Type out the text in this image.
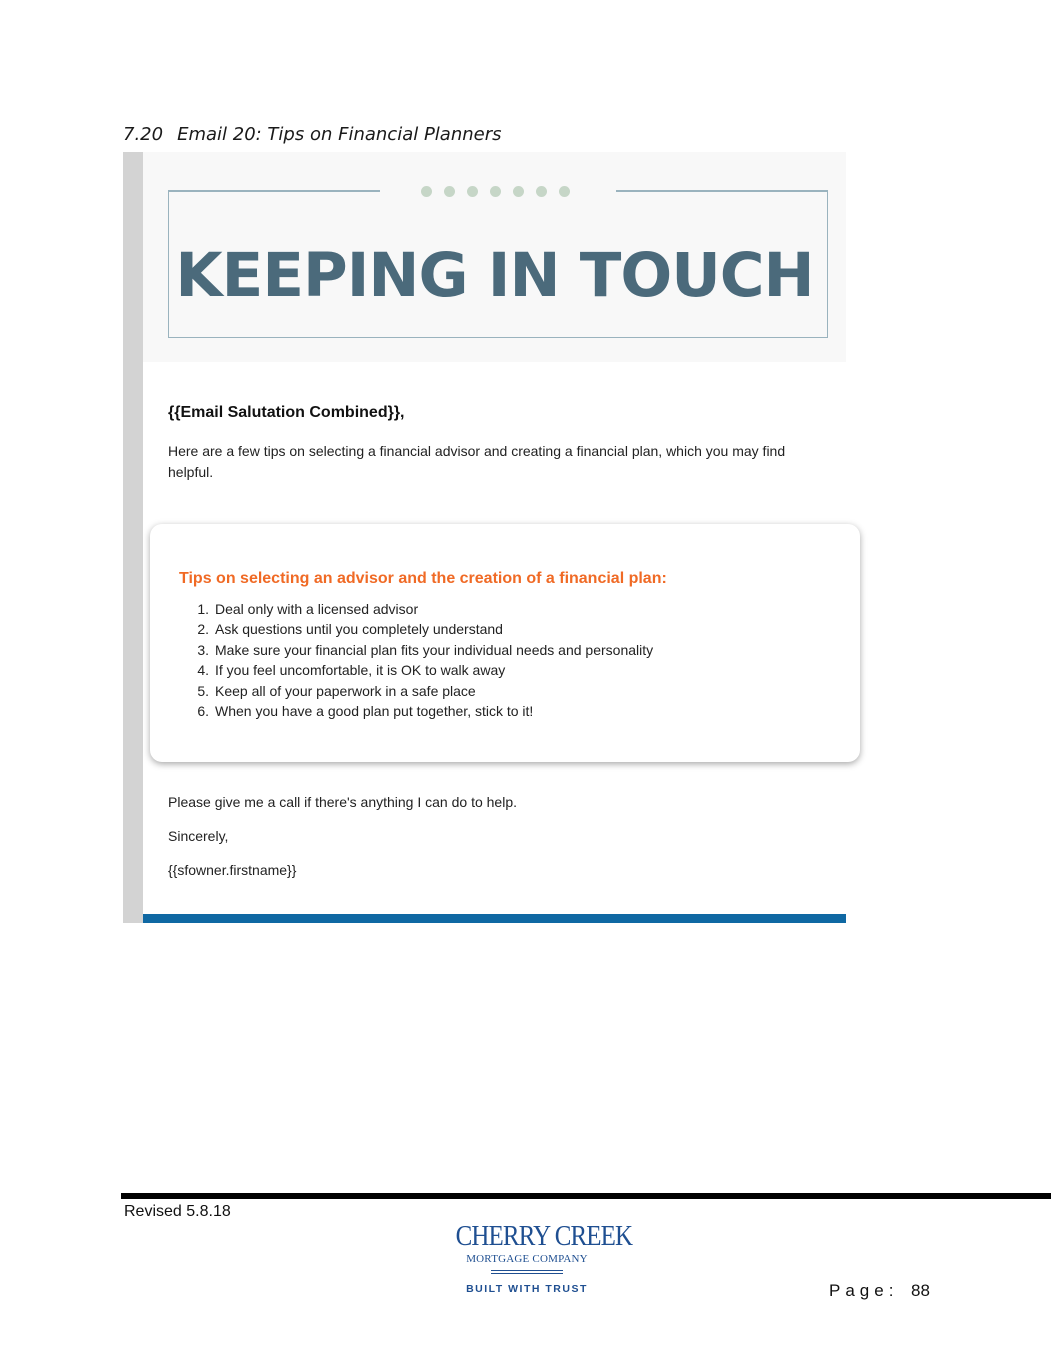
7.20 Email 20: Tips on Financial Planners
KEEPING IN TOUCH
{{Email Salutation Combined}},
Here are a few tips on selecting a financial advisor and creating a financial plan, which you may find helpful.
Tips on selecting an advisor and the creation of a financial plan:
1. Deal only with a licensed advisor
2. Ask questions until you completely understand
3. Make sure your financial plan fits your individual needs and personality
4. If you feel uncomfortable, it is OK to walk away
5. Keep all of your paperwork in a safe place
6. When you have a good plan put together, stick to it!
Please give me a call if there's anything I can do to help.
Sincerely,
{{sfowner.firstname}}
Revised 5.8.18
CHERRY CREEK
MORTGAGE COMPANY
BUILT WITH TRUST	Page: 88
